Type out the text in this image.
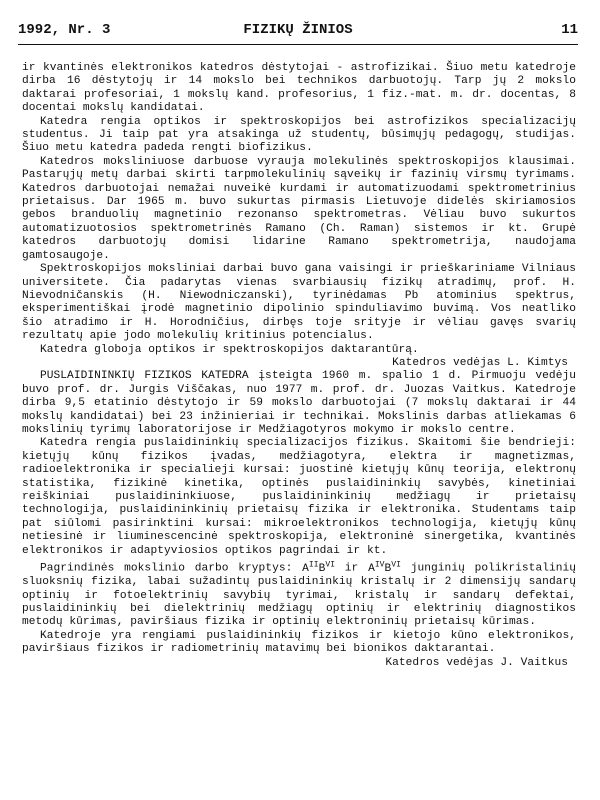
1992, Nr. 3	FIZIKŲ ŽINIOS	11

ir kvantinės elektronikos katedros dėstytojai - astrofizikai. Šiuo metu katedroje dirba 16 dėstytojų ir 14 mokslo bei technikos darbuotojų. Tarp jų 2 mokslo daktarai profesoriai, 1 mokslų kand. profesorius, 1 fiz.-mat. m. dr. docentas, 8 docentai mokslų kandidatai.

Katedra rengia optikos ir spektroskopijos bei astrofizikos specializacijų studentus. Ji taip pat yra atsakinga už studentų, būsimųjų pedagogų, studijas. Šiuo metu katedra padeda rengti biofizikus.

Katedros moksliniuose darbuose vyrauja molekulinės spektroskopijos klausimai. Pastarųjų metų darbai skirti tarpmolekulinių sąveikų ir fazinių virsmų tyrimams. Katedros darbuotojai nemažai nuveikė kurdami ir automatizuodami spektrometrinius prietaisus. Dar 1965 m. buvo sukurtas pirmasis Lietuvoje didelės skiriamosios gebos branduolių magnetinio rezonanso spektrometras. Vėliau buvo sukurtos automatizuotosios spektrometrinės Ramano (Ch. Raman) sistemos ir kt. Grupė katedros darbuotojų domisi lidarine Ramano spektrometrija, naudojama gamtosaugoje.

Spektroskopijos moksliniai darbai buvo gana vaisingi ir prieškariniame Vilniaus universitete. Čia padarytas vienas svarbiausių fizikų atradimų, prof. H. Nievodničanskis (H. Niewodniczanski), tyrinėdamas Pb atominius spektrus, eksperimentiškai įrodė magnetinio dipolinio spinduliavimo buvimą. Vos neatliko šio atradimo ir H. Horodničius, dirbęs toje srityje ir vėliau gavęs svarių rezultatų apie jodo molekulių kritinius potencialus.

Katedra globoja optikos ir spektroskopijos daktarantūrą.

Katedros vedėjas L. Kimtys

PUSLAIDININKIŲ FIZIKOS KATEDRA įsteigta 1960 m. spalio 1 d. Pirmuoju vedėju buvo prof. dr. Jurgis Viščakas, nuo 1977 m. prof. dr. Juozas Vaitkus. Katedroje dirba 9,5 etatinio dėstytojo ir 59 mokslo darbuotojai (7 mokslų daktarai ir 44 mokslų kandidatai) bei 23 inžinieriai ir technikai. Mokslinis darbas atliekamas 6 mokslinių tyrimų laboratorijose ir Medžiagotyros mokymo ir mokslo centre.

Katedra rengia puslaidininkių specializacijos fizikus. Skaitomi šie bendrieji: kietųjų kūnų fizikos įvadas, medžiagotyra, elektra ir magnetizmas, radioelektronika ir specialieji kursai: juostinė kietųjų kūnų teorija, elektronų statistika, fizikinė kinetika, optinės puslaidininkių savybės, kinetiniai reiškiniai puslaidininkiuose, puslaidininkinių medžiagų ir prietaisų technologija, puslaidininkinių prietaisų fizika ir elektronika. Studentams taip pat siūlomi pasirinktini kursai: mikroelektronikos technologija, kietųjų kūnų netiesinė ir liuminescencinė spektroskopija, elektroninė sinergetika, kvantinės elektronikos ir adaptyviosios optikos pagrindai ir kt.

Pagrindinės mokslinio darbo kryptys: $A^{II}B^{VI}$ ir $A^{IV}B^{VI}$ junginių polikristalinių sluoksnių fizika, labai sužadintų puslaidininkių kristalų ir 2 dimensijų sandarų optinių ir fotoelektrinių savybių tyrimai, kristalų ir sandarų defektai, puslaidininkių bei dielektrinių medžiagų optinių ir elektrinių diagnostikos metodų kūrimas, paviršiaus fizika ir optinių elektroninių prietaisų kūrimas.

Katedroje yra rengiami puslaidininkių fizikos ir kietojo kūno elektronikos, paviršiaus fizikos ir radiometrinių matavimų bei bionikos daktarantai.

Katedros vedėjas J. Vaitkus
